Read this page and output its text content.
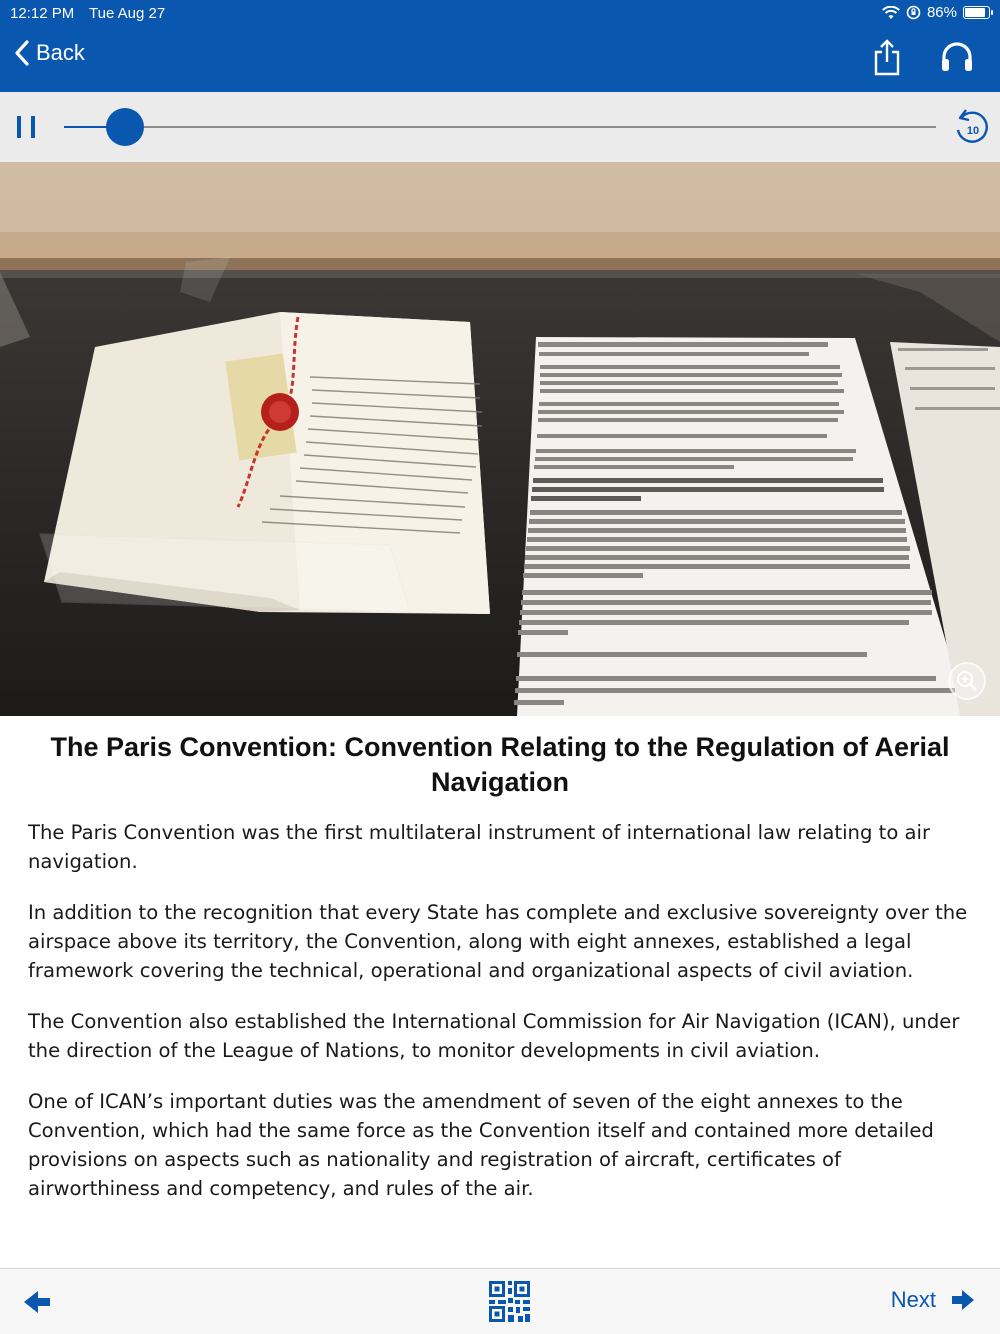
12:12 PM Tue Aug 27	86%
Back
10
The Paris Convention: Convention Relating to the Regulation of Aerial Navigation

The Paris Convention was the first multilateral instrument of international law relating to air navigation.

In addition to the recognition that every State has complete and exclusive sovereignty over the airspace above its territory, the Convention, along with eight annexes, established a legal framework covering the technical, operational and organizational aspects of civil aviation.

The Convention also established the International Commission for Air Navigation (ICAN), under the direction of the League of Nations, to monitor developments in civil aviation.

One of ICAN’s important duties was the amendment of seven of the eight annexes to the Convention, which had the same force as the Convention itself and contained more detailed provisions on aspects such as nationality and registration of aircraft, certificates of airworthiness and competency, and rules of the air.

Next
